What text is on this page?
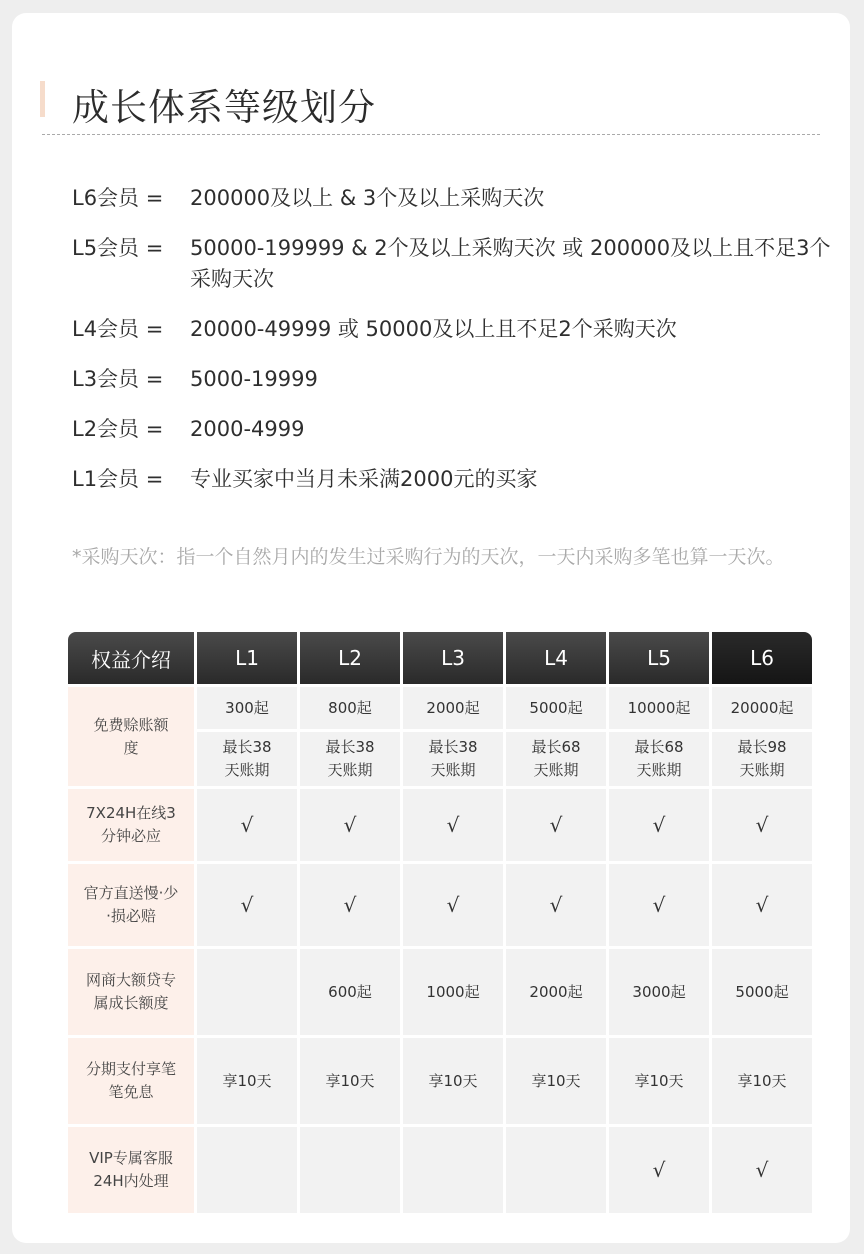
成长体系等级划分
L6会员 =	200000及以上 & 3个及以上采购天次
L5会员 =	50000-199999 & 2个及以上采购天次 或 200000及以上且不足3个采购天次
L4会员 =	20000-49999 或 50000及以上且不足2个采购天次
L3会员 =	5000-19999
L2会员 =	2000-4999
L1会员 =	专业买家中当月未采满2000元的买家
*采购天次：指一个自然月内的发生过采购行为的天次，一天内采购多笔也算一天次。
权益介绍	L1	L2	L3	L4	L5	L6
免费赊账额度	300起	800起	2000起	5000起	10000起	20000起
	最长38天账期	最长38天账期	最长38天账期	最长68天账期	最长68天账期	最长98天账期
7X24H在线3分钟必应	√	√	√	√	√	√
官方直送慢·少·损必赔	√	√	√	√	√	√
网商大额贷专属成长额度		600起	1000起	2000起	3000起	5000起
分期支付享笔笔免息	享10天	享10天	享10天	享10天	享10天	享10天
VIP专属客服24H内处理					√	√
